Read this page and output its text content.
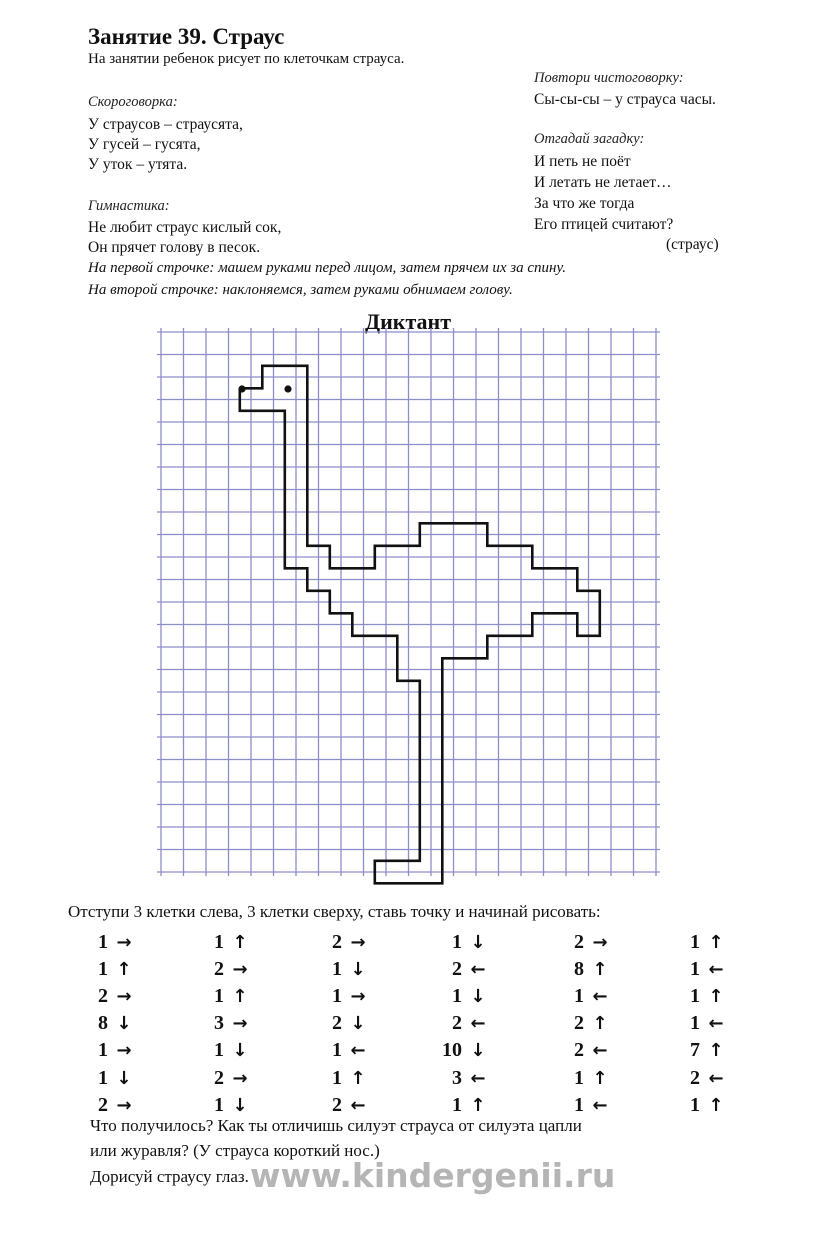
Занятие 39. Страус
На занятии ребенок рисует по клеточкам страуса.
Скороговорка:
У страусов – страусята,
У гусей – гусята,
У уток – утята.
Гимнастика:
Не любит страус кислый сок,
Он прячет голову в песок.
На первой строчке: машем руками перед лицом, затем прячем их за спину.
На второй строчке: наклоняемся, затем руками обнимаем голову.
Повтори чистоговорку:
Сы-сы-сы – у страуса часы.
Отгадай загадку:
И петь не поёт
И летать не летает…
За что же тогда
Его птицей считают?
(страус)
Диктант
Отступи 3 клетки слева, 3 клетки сверху, ставь точку и начинай рисовать:
1 →
1 ↑
2 →
8 ↓
1 →
1 ↓
2 →
1 ↑
2 →
1 ↑
3 →
1 ↓
2 →
1 ↓
2 →
1 ↓
1 →
2 ↓
1 ←
1 ↑
2 ←
1 ↓
2 ←
1 ↓
2 ←
10 ↓
3 ←
1 ↑
2 →
8 ↑
1 ←
2 ↑
2 ←
1 ↑
1 ←
1 ↑
1 ←
1 ↑
1 ←
7 ↑
2 ←
1 ↑
Что получилось? Как ты отличишь силуэт страуса от силуэта цапли
или журавля? (У страуса короткий нос.)
Дорисуй страусу глаз. www.kindergenii.ru
